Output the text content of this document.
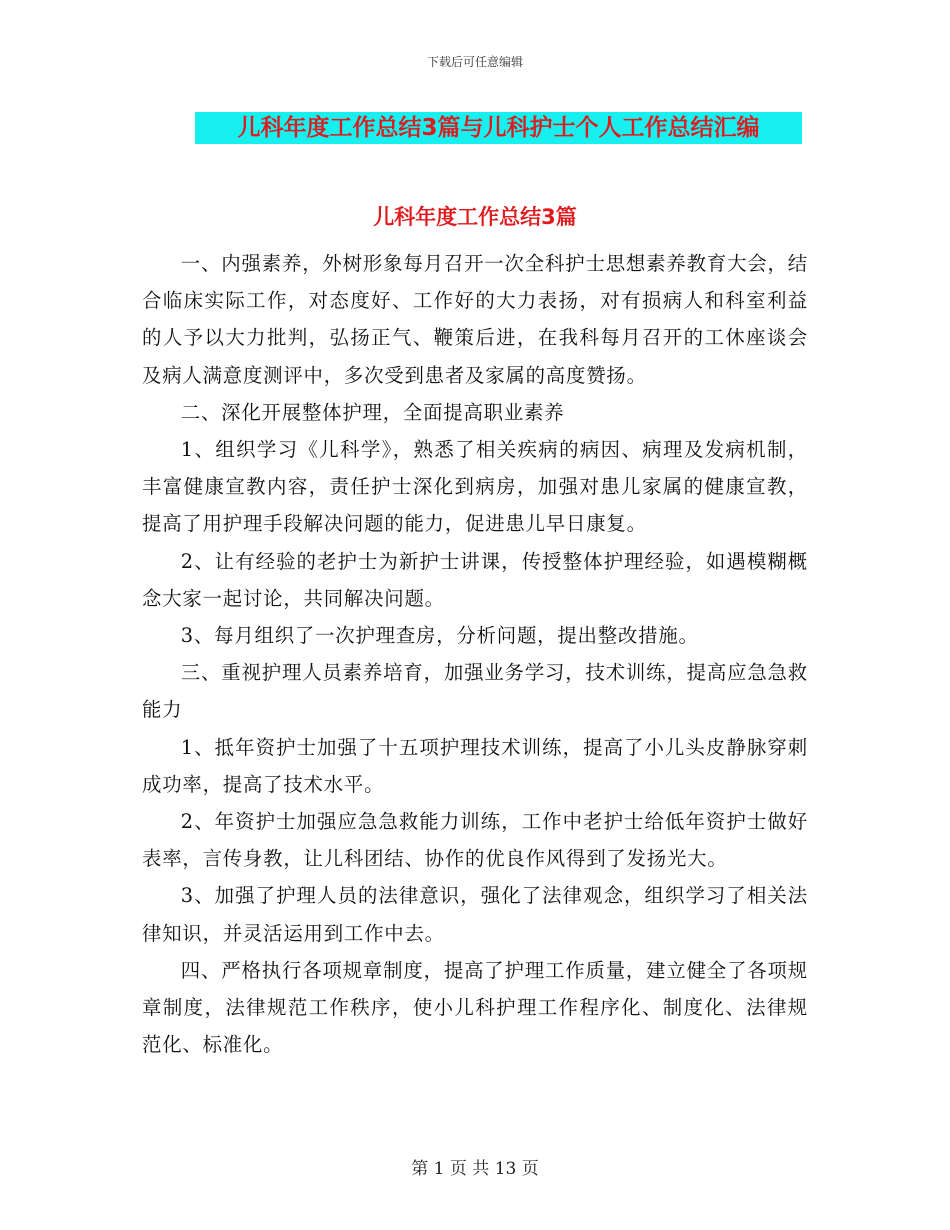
下载后可任意编辑
儿科年度工作总结3篇与儿科护士个人工作总结汇编
儿科年度工作总结3篇

一、内强素养，外树形象每月召开一次全科护士思想素养教育大会，结合临床实际工作，对态度好、工作好的大力表扬，对有损病人和科室利益的人予以大力批判，弘扬正气、鞭策后进，在我科每月召开的工休座谈会及病人满意度测评中，多次受到患者及家属的高度赞扬。

二、深化开展整体护理，全面提高职业素养

1、组织学习《儿科学》，熟悉了相关疾病的病因、病理及发病机制，丰富健康宣教内容，责任护士深化到病房，加强对患儿家属的健康宣教，提高了用护理手段解决问题的能力，促进患儿早日康复。

2、让有经验的老护士为新护士讲课，传授整体护理经验，如遇模糊概念大家一起讨论，共同解决问题。

3、每月组织了一次护理查房，分析问题，提出整改措施。

三、重视护理人员素养培育，加强业务学习，技术训练，提高应急急救能力

1、抵年资护士加强了十五项护理技术训练，提高了小儿头皮静脉穿刺成功率，提高了技术水平。

2、年资护士加强应急急救能力训练，工作中老护士给低年资护士做好表率，言传身教，让儿科团结、协作的优良作风得到了发扬光大。

3、加强了护理人员的法律意识，强化了法律观念，组织学习了相关法律知识，并灵活运用到工作中去。

四、严格执行各项规章制度，提高了护理工作质量，建立健全了各项规章制度，法律规范工作秩序，使小儿科护理工作程序化、制度化、法律规范化、标准化。

第 1 页 共 13 页
